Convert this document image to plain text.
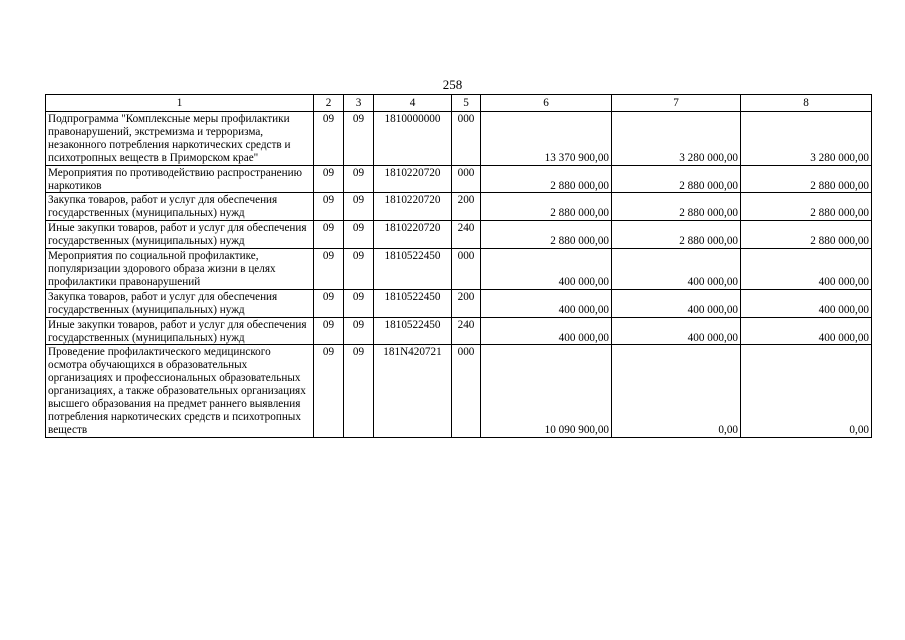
258
1	2	3	4	5	6	7	8
Подпрограмма "Комплексные меры профилактики правонарушений, экстремизма и терроризма, незаконного потребления наркотических средств и психотропных веществ в Приморском крае"	09	09	1810000000	000	13 370 900,00	3 280 000,00	3 280 000,00
Мероприятия по противодействию распространению наркотиков	09	09	1810220720	000	2 880 000,00	2 880 000,00	2 880 000,00
Закупка товаров, работ и услуг для обеспечения государственных (муниципальных) нужд	09	09	1810220720	200	2 880 000,00	2 880 000,00	2 880 000,00
Иные закупки товаров, работ и услуг для обеспечения государственных (муниципальных) нужд	09	09	1810220720	240	2 880 000,00	2 880 000,00	2 880 000,00
Мероприятия по социальной профилактике, популяризации здорового образа жизни в целях профилактики правонарушений	09	09	1810522450	000	400 000,00	400 000,00	400 000,00
Закупка товаров, работ и услуг для обеспечения государственных (муниципальных) нужд	09	09	1810522450	200	400 000,00	400 000,00	400 000,00
Иные закупки товаров, работ и услуг для обеспечения государственных (муниципальных) нужд	09	09	1810522450	240	400 000,00	400 000,00	400 000,00
Проведение профилактического медицинского осмотра обучающихся в образовательных организациях и профессиональных образовательных организациях, а также образовательных организациях высшего образования на предмет раннего выявления потребления наркотических средств и психотропных веществ	09	09	181N420721	000	10 090 900,00	0,00	0,00
